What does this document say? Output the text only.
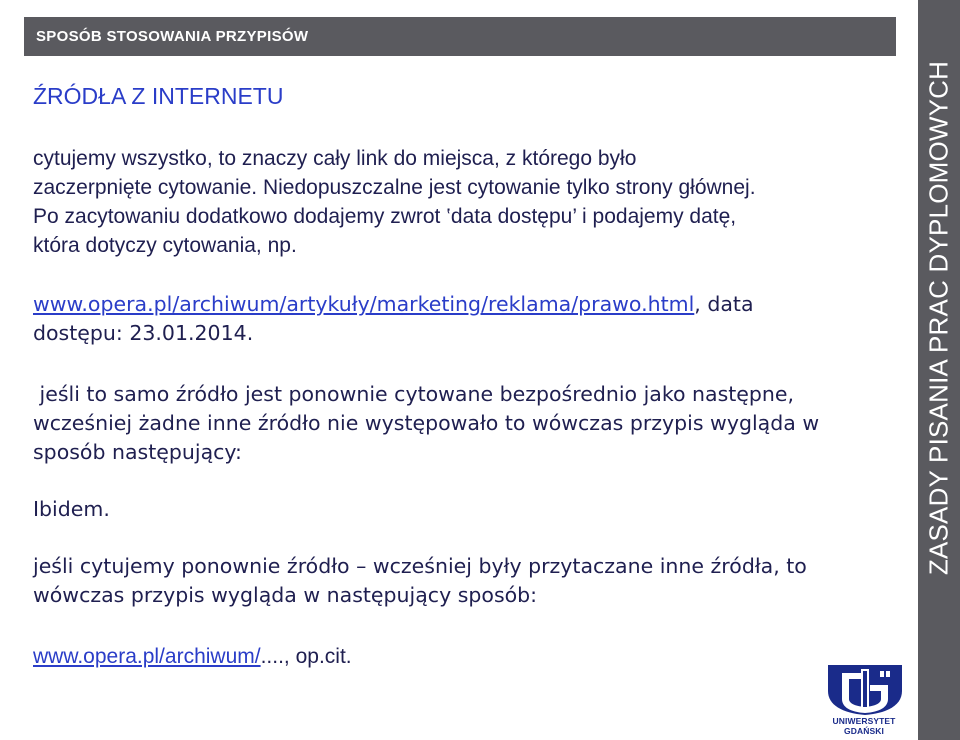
SPOSÓB STOSOWANIA PRZYPISÓW
ZASADY PISANIA PRAC DYPLOMOWYCH
ŹRÓDŁA Z INTERNETU

cytujemy wszystko, to znaczy cały link do miejsca, z którego było
zaczerpnięte cytowanie. Niedopuszczalne jest cytowanie tylko strony głównej.
Po zacytowaniu dodatkowo dodajemy zwrot ‛data dostępu’ i podajemy datę,
która dotyczy cytowania, np.

www.opera.pl/archiwum/artykuły/marketing/reklama/prawo.html, data
dostępu: 23.01.2014.

jeśli to samo źródło jest ponownie cytowane bezpośrednio jako następne,
wcześniej żadne inne źródło nie występowało to wówczas przypis wygląda w
sposób następujący:

Ibidem.

jeśli cytujemy ponownie źródło – wcześniej były przytaczane inne źródła, to
wówczas przypis wygląda w następujący sposób:

www.opera.pl/archiwum/...., op.cit.

UNIWERSYTET GDAŃSKI
